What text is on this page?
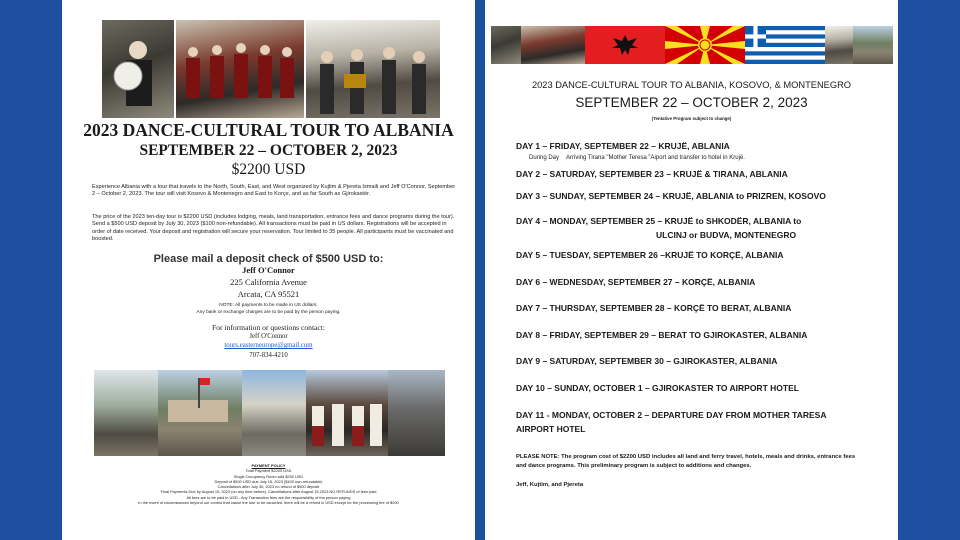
2023 DANCE-CULTURAL TOUR TO ALBANIA
SEPTEMBER 22 – OCTOBER 2, 2023
$2200 USD
Experience Albania with a tour that travels to the North, South, East, and West organized by Kujtim & Pjereta Ismaili and Jeff O'Connor, September 2 – October 2, 2023. The tour will visit Kosovo & Montenegro and East to Korçe, and as far South as Gjirokastër.
The price of the 2023 ten-day tour is $2200 USD (includes lodging, meals, land transportation, entrance fees and dance programs during the tour). Send a $500 USD deposit by July 30, 2023 ($100 non-refundable). All transactions must be paid in US dollars. Registrations will be accepted in order of date received. Your deposit and registration will secure your reservation. Tour limited to 35 people. All participants must be vaccinated and boosted.
Please mail a deposit check of $500 USD to:
Jeff O'Connor
225 California Avenue
Arcata, CA 95521
NOTE: All payments to be made in US dollars.
Any bank or exchange charges are to be paid by the person paying.
For information or questions contact:
Jeff O'Connor
tours.easterneurope@gmail.com
707-834-4210
PAYMENT POLICY
Total Payment $2200 USD
Single Occupancy Room add $250 USD
Deposit of $500 USD due July 15, 2023 ($100 non-refundable)
Cancellations after July 30, 2023 no refund of $500 deposit
Final Payments Due by August 15, 2023 (on any time before). Cancellations after August 15,2023 NO REFUNDS of fees paid
All fees are to be paid in USD - Any Transaction fees are the responsibility of the person paying
In the event of circumstances beyond our control that cause the tour to be canceled, there will be a refund in USD except for the processing fee of $200
2023 DANCE-CULTURAL TOUR TO ALBANIA, KOSOVO, & MONTENEGRO
SEPTEMBER 22 – OCTOBER 2, 2023
(Tentative Program subject to change)
DAY 1 – FRIDAY, SEPTEMBER 22 – KRUJË, ABLANIA
During Day Arriving Tirana "Mother Teresa "Aiport and transfer to hotel in Krujë.
DAY 2 – SATURDAY, SEPTEMBER 23 – KRUJË & TIRANA, ABLANIA
DAY 3 – SUNDAY, SEPTEMBER 24 – KRUJË, ABLANIA to PRIZREN, KOSOVO
DAY 4 – MONDAY, SEPTEMBER 25 – KRUJË to SHKODËR, ALBANIA to
ULCINJ or BUDVA, MONTENEGRO
DAY 5 – TUESDAY, SEPTEMBER 26 –KRUJË TO KORÇË, ALBANIA
DAY 6 – WEDNESDAY, SEPTEMBER 27 – KORÇË, ALBANIA
DAY 7 – THURSDAY, SEPTEMBER 28 – KORÇË TO BERAT, ALBANIA
DAY 8 – FRIDAY, SEPTEMBER 29 – BERAT TO GJIROKASTER, ALBANIA
DAY 9 – SATURDAY, SEPTEMBER 30 – GJIROKASTER, ALBANIA
DAY 10 – SUNDAY, OCTOBER 1 – GJIROKASTER TO AIRPORT HOTEL
DAY 11 - MONDAY, OCTOBER 2 – DEPARTURE DAY FROM MOTHER TARESA
AIRPORT HOTEL
PLEASE NOTE: The program cost of $2200 USD includes all land and ferry travel, hotels, meals and drinks, entrance fees and dance programs. This preliminary program is subject to additions and changes.
Jeff, Kujtim, and Pjereta
